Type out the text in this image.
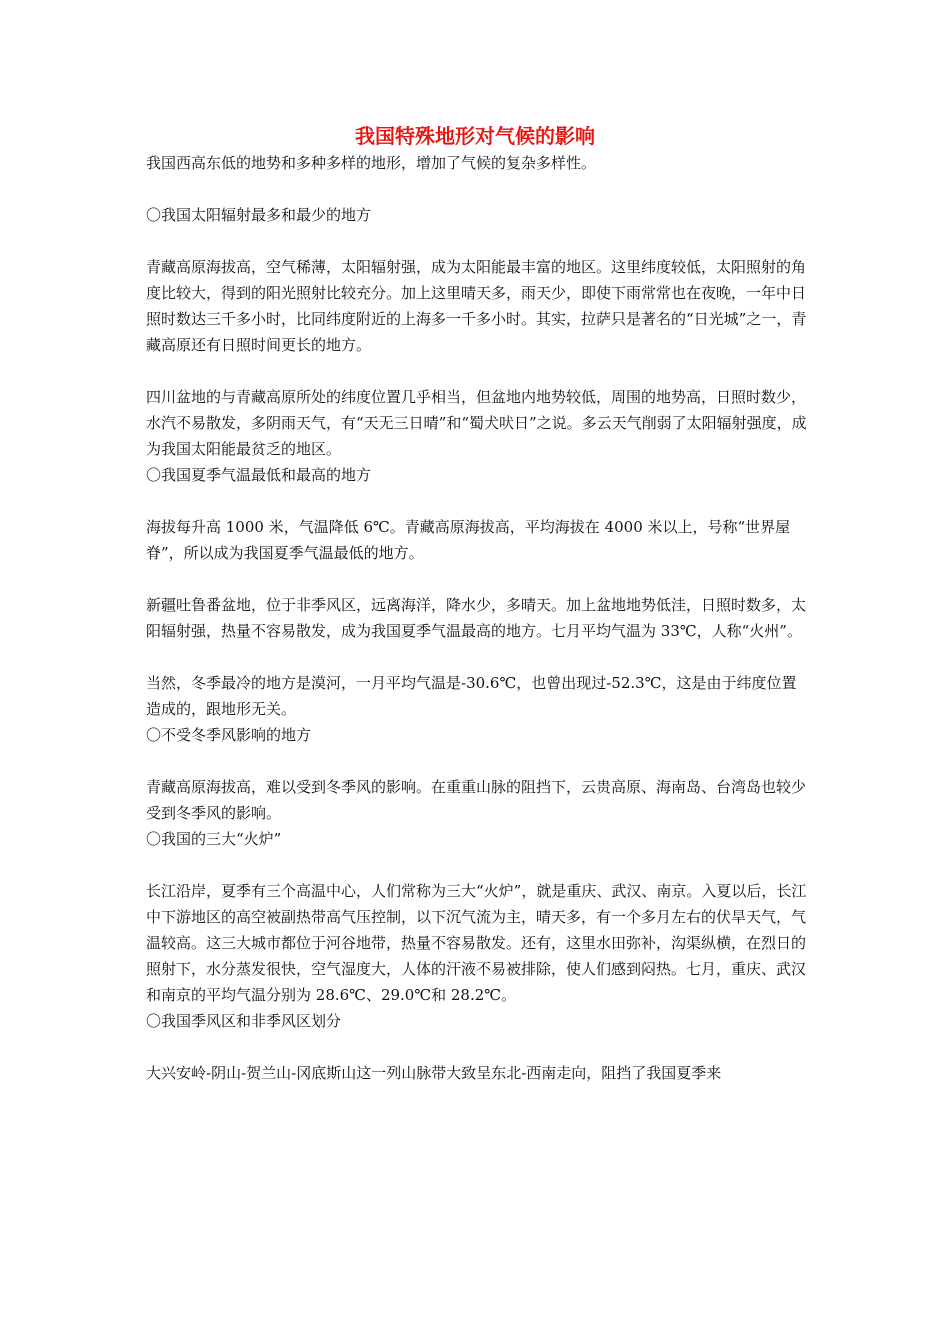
我国特殊地形对气候的影响

我国西高东低的地势和多种多样的地形，增加了气候的复杂多样性。

〇我国太阳辐射最多和最少的地方

青藏高原海拔高，空气稀薄，太阳辐射强，成为太阳能最丰富的地区。这里纬度较低，太阳照射的角度比较大，得到的阳光照射比较充分。加上这里晴天多，雨天少，即使下雨常常也在夜晚，一年中日照时数达三千多小时，比同纬度附近的上海多一千多小时。其实，拉萨只是著名的“日光城”之一，青藏高原还有日照时间更长的地方。

四川盆地的与青藏高原所处的纬度位置几乎相当，但盆地内地势较低，周围的地势高，日照时数少，水汽不易散发，多阴雨天气，有“天无三日晴”和“蜀犬吠日”之说。多云天气削弱了太阳辐射强度，成为我国太阳能最贫乏的地区。

〇我国夏季气温最低和最高的地方

海拔每升高 1000 米，气温降低 6℃。青藏高原海拔高，平均海拔在 4000 米以上，号称“世界屋脊”，所以成为我国夏季气温最低的地方。

新疆吐鲁番盆地，位于非季风区，远离海洋，降水少，多晴天。加上盆地地势低洼，日照时数多，太阳辐射强，热量不容易散发，成为我国夏季气温最高的地方。七月平均气温为 33℃，人称“火州”。

当然，冬季最冷的地方是漠河，一月平均气温是-30.6℃，也曾出现过-52.3℃，这是由于纬度位置造成的，跟地形无关。

〇不受冬季风影响的地方

青藏高原海拔高，难以受到冬季风的影响。在重重山脉的阻挡下，云贵高原、海南岛、台湾岛也较少受到冬季风的影响。

〇我国的三大“火炉”

长江沿岸，夏季有三个高温中心，人们常称为三大“火炉”，就是重庆、武汉、南京。入夏以后，长江中下游地区的高空被副热带高气压控制，以下沉气流为主，晴天多，有一个多月左右的伏旱天气，气温较高。这三大城市都位于河谷地带，热量不容易散发。还有，这里水田弥补，沟渠纵横，在烈日的照射下，水分蒸发很快，空气湿度大，人体的汗液不易被排除，使人们感到闷热。七月，重庆、武汉和南京的平均气温分别为 28.6℃、29.0℃和 28.2℃。

〇我国季风区和非季风区划分

大兴安岭-阴山-贺兰山-冈底斯山这一列山脉带大致呈东北-西南走向，阻挡了我国夏季来
